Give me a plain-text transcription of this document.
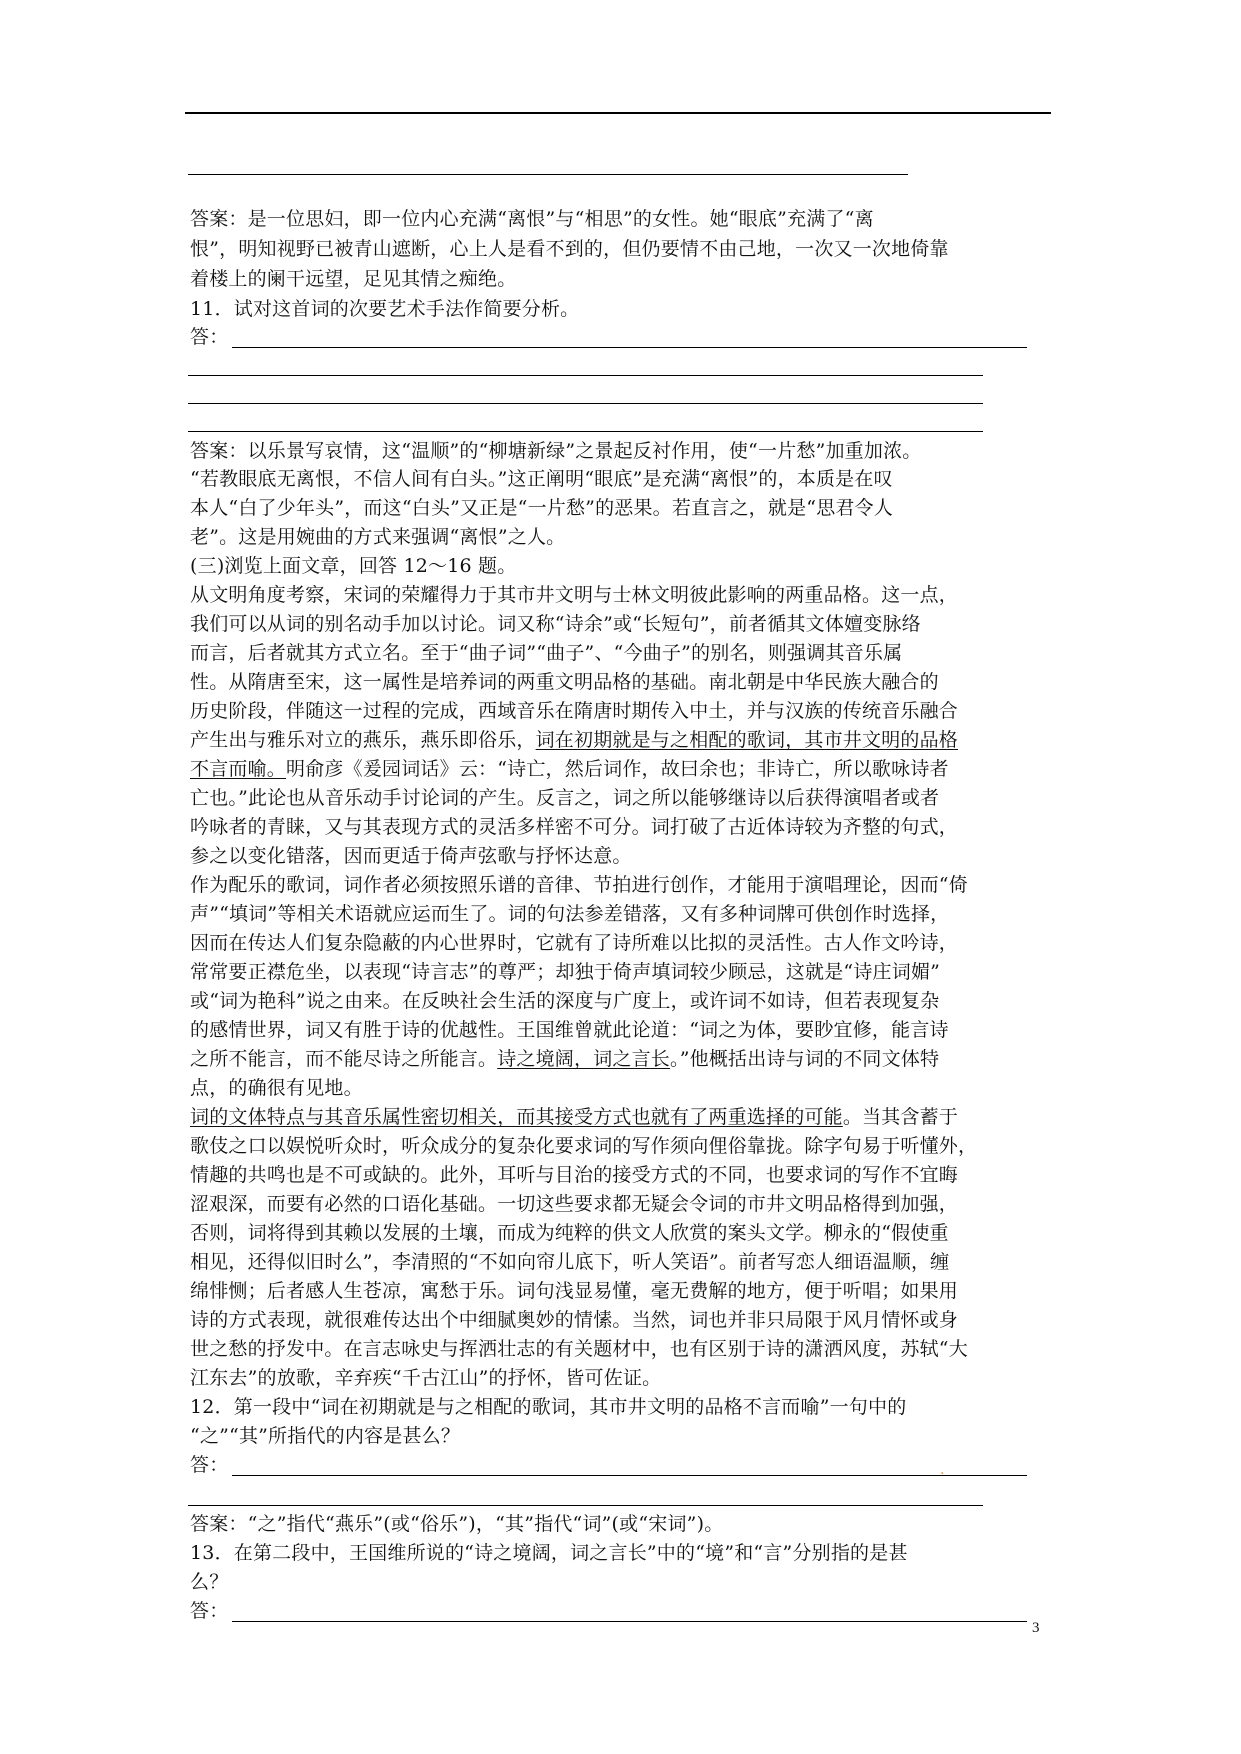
答案：是一位思妇，即一位内心充满“离恨”与“相思”的女性。她“眼底”充满了“离
恨”，明知视野已被青山遮断，心上人是看不到的，但仍要情不由己地，一次又一次地倚靠
着楼上的阑干远望，足见其情之痴绝。
11．试对这首词的次要艺术手法作简要分析。
答：
答案：以乐景写哀情，这“温顺”的“柳塘新绿”之景起反衬作用，使“一片愁”加重加浓。
“若教眼底无离恨，不信人间有白头。”这正阐明“眼底”是充满“离恨”的，本质是在叹
本人“白了少年头”，而这“白头”又正是“一片愁”的恶果。若直言之，就是“思君令人
老”。这是用婉曲的方式来强调“离恨”之人。
(三)浏览上面文章，回答 12～16 题。
从文明角度考察，宋词的荣耀得力于其市井文明与士林文明彼此影响的两重品格。这一点，
我们可以从词的别名动手加以讨论。词又称“诗余”或“长短句”，前者循其文体嬗变脉络
而言，后者就其方式立名。至于“曲子词”“曲子”、“今曲子”的别名，则强调其音乐属
性。从隋唐至宋，这一属性是培养词的两重文明品格的基础。南北朝是中华民族大融合的
历史阶段，伴随这一过程的完成，西域音乐在隋唐时期传入中土，并与汉族的传统音乐融合
产生出与雅乐对立的燕乐，燕乐即俗乐，词在初期就是与之相配的歌词，其市井文明的品格
不言而喻。明俞彦《爰园词话》云：“诗亡，然后词作，故曰余也；非诗亡，所以歌咏诗者
亡也。”此论也从音乐动手讨论词的产生。反言之，词之所以能够继诗以后获得演唱者或者
吟咏者的青睐，又与其表现方式的灵活多样密不可分。词打破了古近体诗较为齐整的句式，
参之以变化错落，因而更适于倚声弦歌与抒怀达意。
作为配乐的歌词，词作者必须按照乐谱的音律、节拍进行创作，才能用于演唱理论，因而“倚
声”“填词”等相关术语就应运而生了。词的句法参差错落，又有多种词牌可供创作时选择，
因而在传达人们复杂隐蔽的内心世界时，它就有了诗所难以比拟的灵活性。古人作文吟诗，
常常要正襟危坐，以表现“诗言志”的尊严；却独于倚声填词较少顾忌，这就是“诗庄词媚”
或“词为艳科”说之由来。在反映社会生活的深度与广度上，或许词不如诗，但若表现复杂
的感情世界，词又有胜于诗的优越性。王国维曾就此论道：“词之为体，要眇宜修，能言诗
之所不能言，而不能尽诗之所能言。诗之境阔，词之言长。”他概括出诗与词的不同文体特
点，的确很有见地。
词的文体特点与其音乐属性密切相关，而其接受方式也就有了两重选择的可能。当其含蓄于
歌伎之口以娱悦听众时，听众成分的复杂化要求词的写作须向俚俗靠拢。除字句易于听懂外，
情趣的共鸣也是不可或缺的。此外，耳听与目治的接受方式的不同，也要求词的写作不宜晦
涩艰深，而要有必然的口语化基础。一切这些要求都无疑会令词的市井文明品格得到加强，
否则，词将得到其赖以发展的土壤，而成为纯粹的供文人欣赏的案头文学。柳永的“假使重
相见，还得似旧时么”，李清照的“不如向帘儿底下，听人笑语”。前者写恋人细语温顺，缠
绵悱恻；后者感人生苍凉，寓愁于乐。词句浅显易懂，毫无费解的地方，便于听唱；如果用
诗的方式表现，就很难传达出个中细腻奥妙的情愫。当然，词也并非只局限于风月情怀或身
世之愁的抒发中。在言志咏史与挥洒壮志的有关题材中，也有区别于诗的潇洒风度，苏轼“大
江东去”的放歌，辛弃疾“千古江山”的抒怀，皆可佐证。
12．第一段中“词在初期就是与之相配的歌词，其市井文明的品格不言而喻”一句中的
“之”“其”所指代的内容是甚么？
答：	.
答案：“之”指代“燕乐”(或“俗乐”)，“其”指代“词”(或“宋词”)。
13．在第二段中，王国维所说的“诗之境阔，词之言长”中的“境”和“言”分别指的是甚
么？
答：
3
